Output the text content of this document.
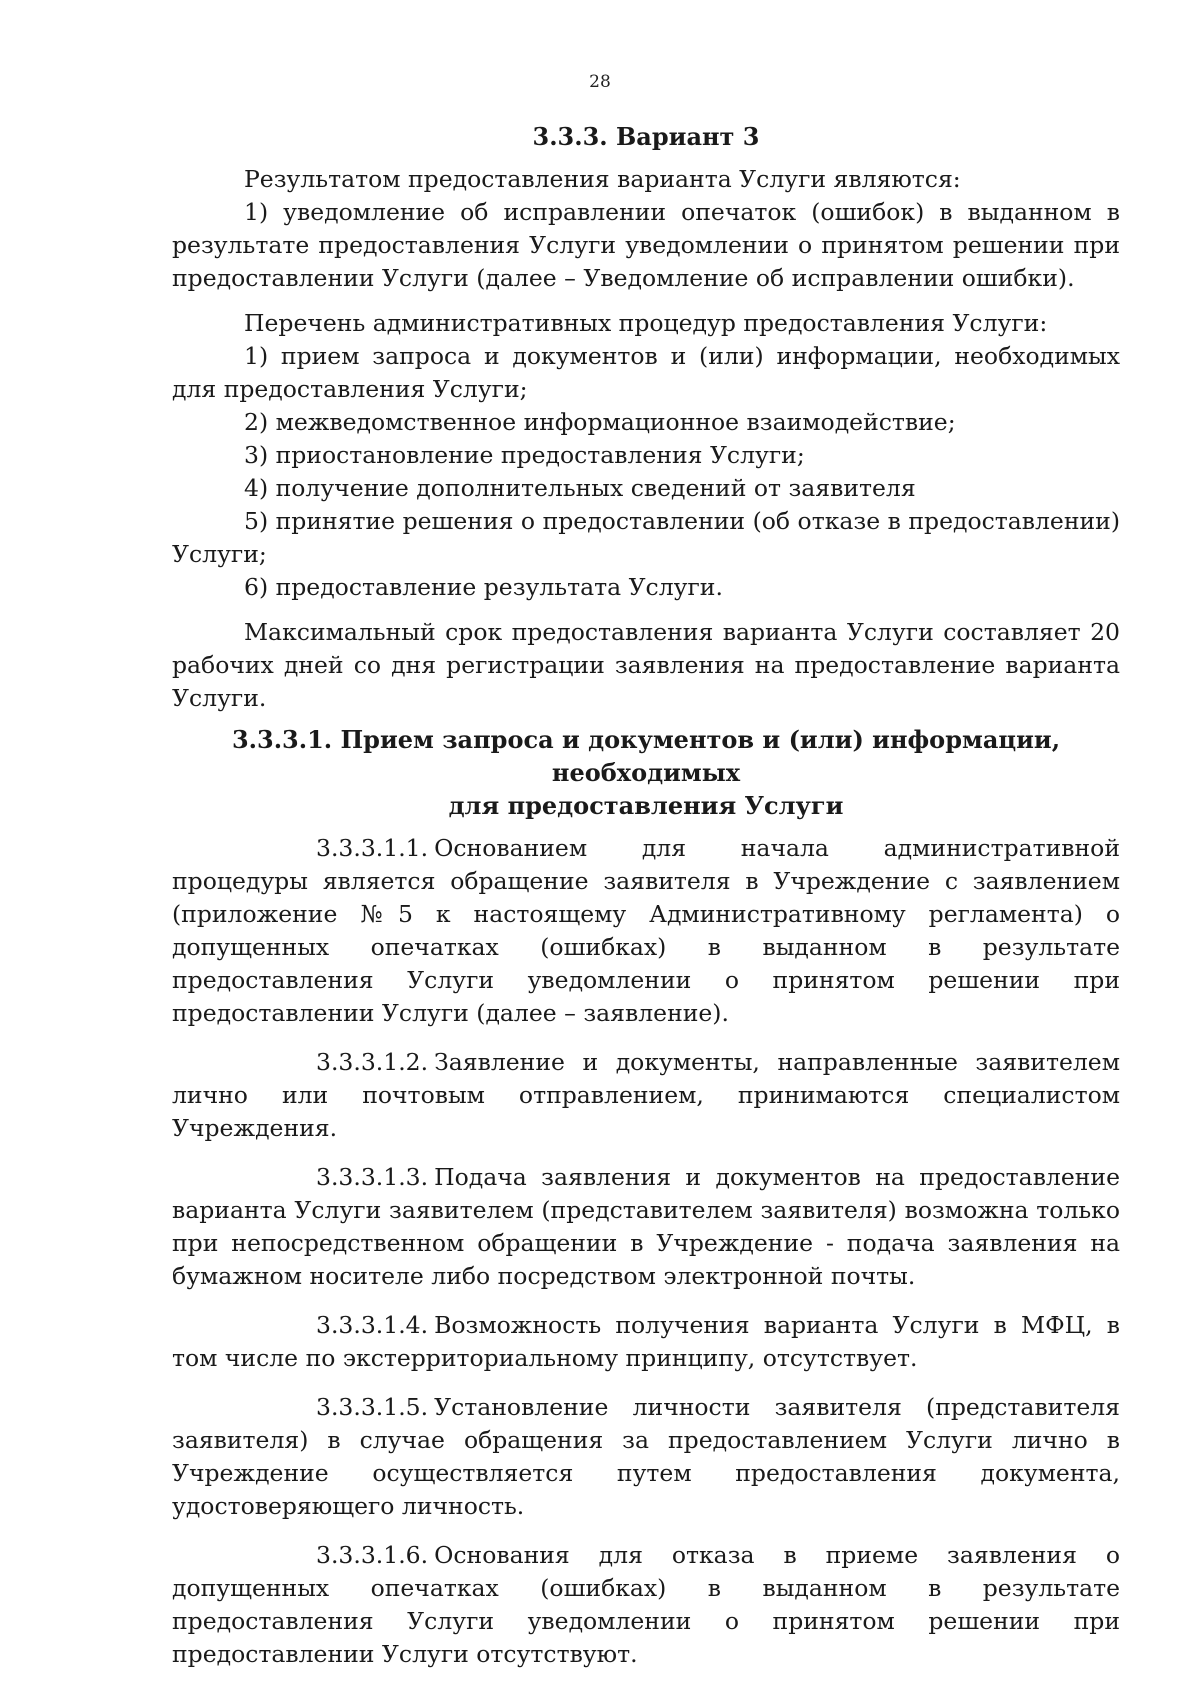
28
3.3.3. Вариант 3

Результатом предоставления варианта Услуги являются:

1) уведомление об исправлении опечаток (ошибок) в выданном в результате предоставления Услуги уведомлении о принятом решении при предоставлении Услуги (далее – Уведомление об исправлении ошибки).

Перечень административных процедур предоставления Услуги:

1) прием запроса и документов и (или) информации, необходимых для предоставления Услуги;

2) межведомственное информационное взаимодействие;

3) приостановление предоставления Услуги;

4) получение дополнительных сведений от заявителя

5) принятие решения о предоставлении (об отказе в предоставлении) Услуги;

6) предоставление результата Услуги.

Максимальный срок предоставления варианта Услуги составляет 20 рабочих дней со дня регистрации заявления на предоставление варианта Услуги.

3.3.3.1. Прием запроса и документов и (или) информации, необходимых
для предоставления Услуги

3.3.3.1.1. Основанием для начала административной процедуры является обращение заявителя в Учреждение с заявлением (приложение №5 к настоящему Административному регламента) о допущенных опечатках (ошибках) в выданном в результате предоставления Услуги уведомлении о принятом решении при предоставлении Услуги (далее – заявление).

3.3.3.1.2. Заявление и документы, направленные заявителем лично или почтовым отправлением, принимаются специалистом Учреждения.

3.3.3.1.3. Подача заявления и документов на предоставление варианта Услуги заявителем (представителем заявителя) возможна только при непосредственном обращении в Учреждение - подача заявления на бумажном носителе либо посредством электронной почты.

3.3.3.1.4. Возможность получения варианта Услуги в МФЦ, в том числе по экстерриториальному принципу, отсутствует.

3.3.3.1.5. Установление личности заявителя (представителя заявителя) в случае обращения за предоставлением Услуги лично в Учреждение осуществляется путем предоставления документа, удостоверяющего личность.

3.3.3.1.6. Основания для отказа в приеме заявления о допущенных опечатках (ошибках) в выданном в результате предоставления Услуги уведомлении о принятом решении при предоставлении Услуги отсутствуют.
